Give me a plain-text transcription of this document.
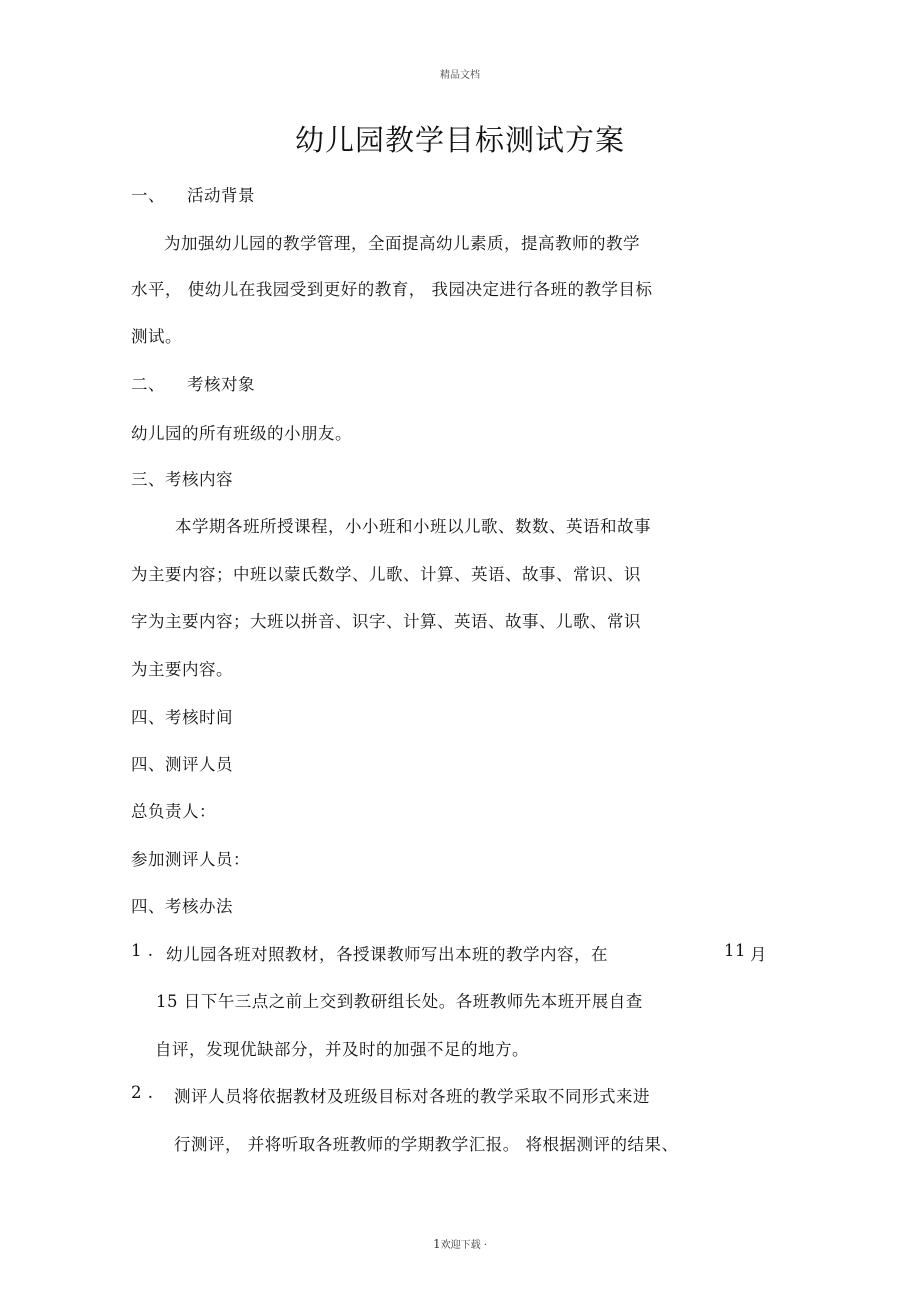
精品文档
幼儿园教学目标测试方案
一、 活动背景
为加强幼儿园的教学管理，全面提高幼儿素质，提高教师的教学
水平， 使幼儿在我园受到更好的教育， 我园决定进行各班的教学目标
测试。
二、 考核对象
幼儿园的所有班级的小朋友。
三、考核内容
本学期各班所授课程，小小班和小班以儿歌、数数、英语和故事
为主要内容；中班以蒙氏数学、儿歌、计算、英语、故事、常识、识
字为主要内容；大班以拼音、识字、计算、英语、故事、儿歌、常识
为主要内容。
四、考核时间
四、测评人员
总负责人：
参加测评人员：
四、考核办法
1 . 幼儿园各班对照教材，各授课教师写出本班的教学内容，在	11 月
15 日下午三点之前上交到教研组长处。各班教师先本班开展自查
自评，发现优缺部分，并及时的加强不足的地方。
2 . 测评人员将依据教材及班级目标对各班的教学采取不同形式来进
行测评， 并将听取各班教师的学期教学汇报。 将根据测评的结果、
1欢迎下载 ·
